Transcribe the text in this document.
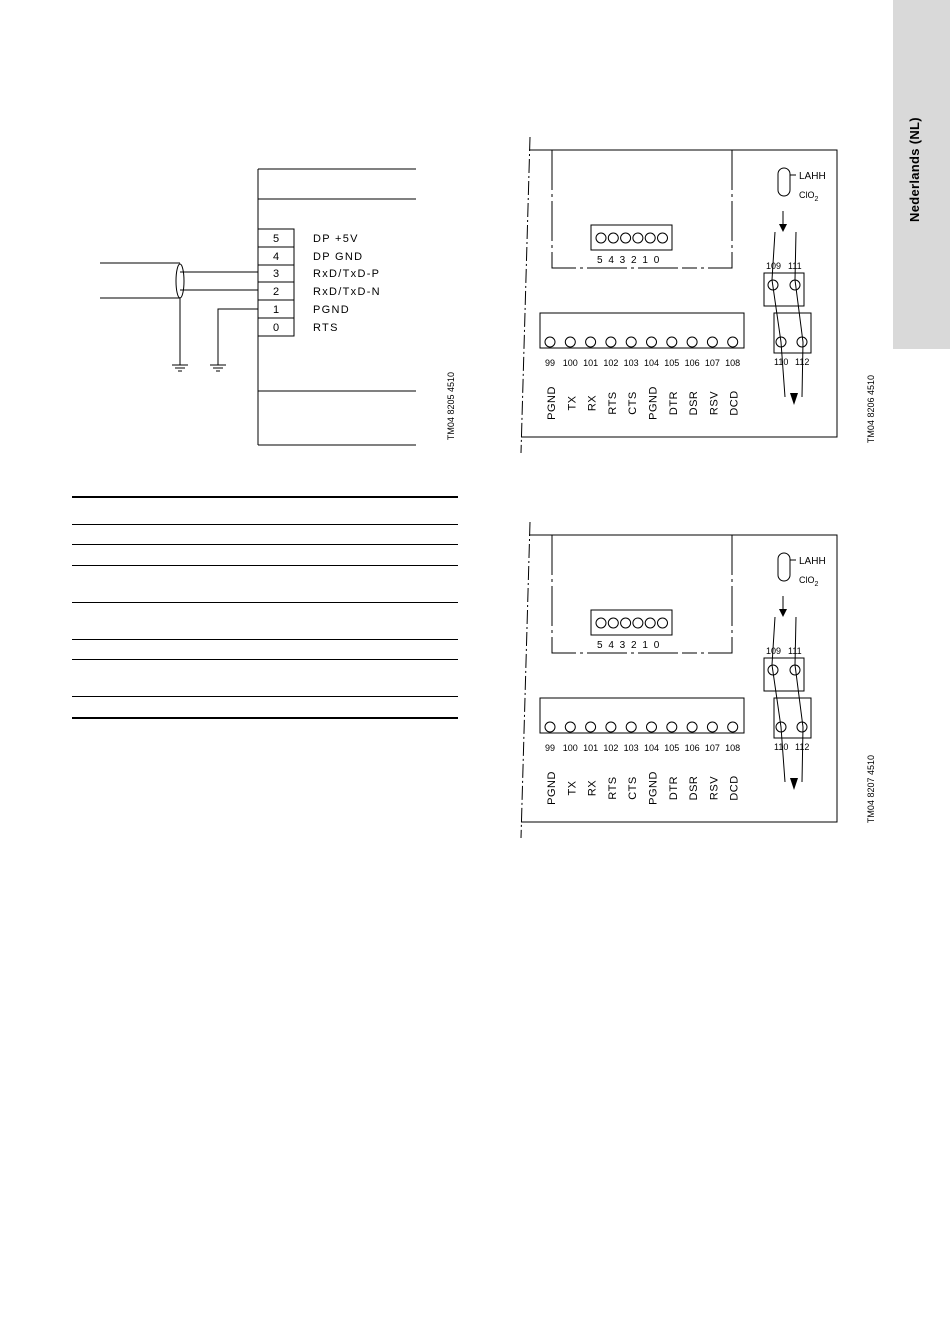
Nederlands (NL)
5
4
3
2
1
0
DP +5V
DP GND
RxD/TxD-P
RxD/TxD-N
PGND
RTS
TM04 8205 4510
5 4 3 2 1 0
99
PGND
100
TX
101
RX
102
RTS
103
CTS
104
PGND
105
DTR
106
DSR
107
RSV
108
DCD
LAHH
ClO$_2$
109 111
110 112
TM04 8206 4510
5 4 3 2 1 0
99
PGND
100
TX
101
RX
102
RTS
103
CTS
104
PGND
105
DTR
106
DSR
107
RSV
108
DCD
LAHH
ClO$_2$
109 111
110 112
TM04 8207 4510
